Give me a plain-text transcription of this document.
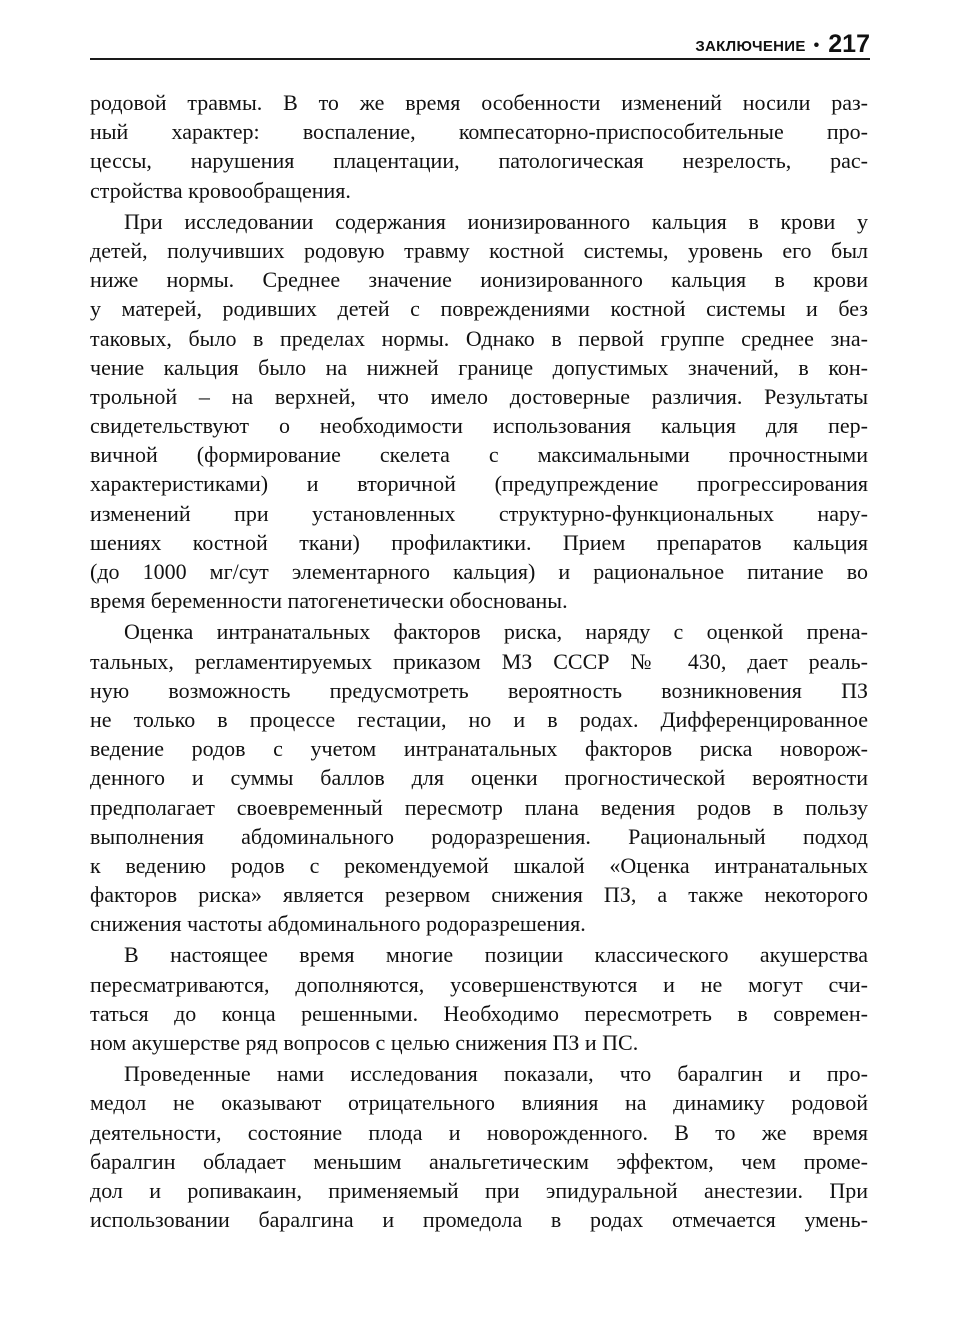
ЗАКЛЮЧЕНИЕ • 217
родовой травмы. В то же время особенности изменений носили раз-
ный характер: воспаление, компесаторно-приспособительные про-
цессы, нарушения плацентации, патологическая незрелость, рас-
стройства кровообращения.
При исследовании содержания ионизированного кальция в крови у
детей, получивших родовую травму костной системы, уровень его был
ниже нормы. Среднее значение ионизированного кальция в крови
у матерей, родивших детей с повреждениями костной системы и без
таковых, было в пределах нормы. Однако в первой группе среднее зна-
чение кальция было на нижней границе допустимых значений, в кон-
трольной – на верхней, что имело достоверные различия. Результаты
свидетельствуют о необходимости использования кальция для пер-
вичной (формирование скелета с максимальными прочностными
характеристиками) и вторичной (предупреждение прогрессирования
изменений при установленных структурно-функциональных нару-
шениях костной ткани) профилактики. Прием препаратов кальция
(до 1000 мг/сут элементарного кальция) и рациональное питание во
время беременности патогенетически обоснованы.
Оценка интранатальных факторов риска, наряду с оценкой прена-
тальных, регламентируемых приказом МЗ СССР № 430, дает реаль-
ную возможность предусмотреть вероятность возникновения ПЗ
не только в процессе гестации, но и в родах. Дифференцированное
ведение родов с учетом интранатальных факторов риска новорож-
денного и суммы баллов для оценки прогностической вероятности
предполагает своевременный пересмотр плана ведения родов в пользу
выполнения абдоминального родоразрешения. Рациональный подход
к ведению родов с рекомендуемой шкалой «Оценка интранатальных
факторов риска» является резервом снижения ПЗ, а также некоторого
снижения частоты абдоминального родоразрешения.
В настоящее время многие позиции классического акушерства
пересматриваются, дополняются, усовершенствуются и не могут счи-
таться до конца решенными. Необходимо пересмотреть в современ-
ном акушерстве ряд вопросов с целью снижения ПЗ и ПС.
Проведенные нами исследования показали, что баралгин и про-
медол не оказывают отрицательного влияния на динамику родовой
деятельности, состояние плода и новорожденного. В то же время
баралгин обладает меньшим анальгетическим эффектом, чем проме-
дол и ропивакаин, применяемый при эпидуральной анестезии. При
использовании баралгина и промедола в родах отмечается умень-
